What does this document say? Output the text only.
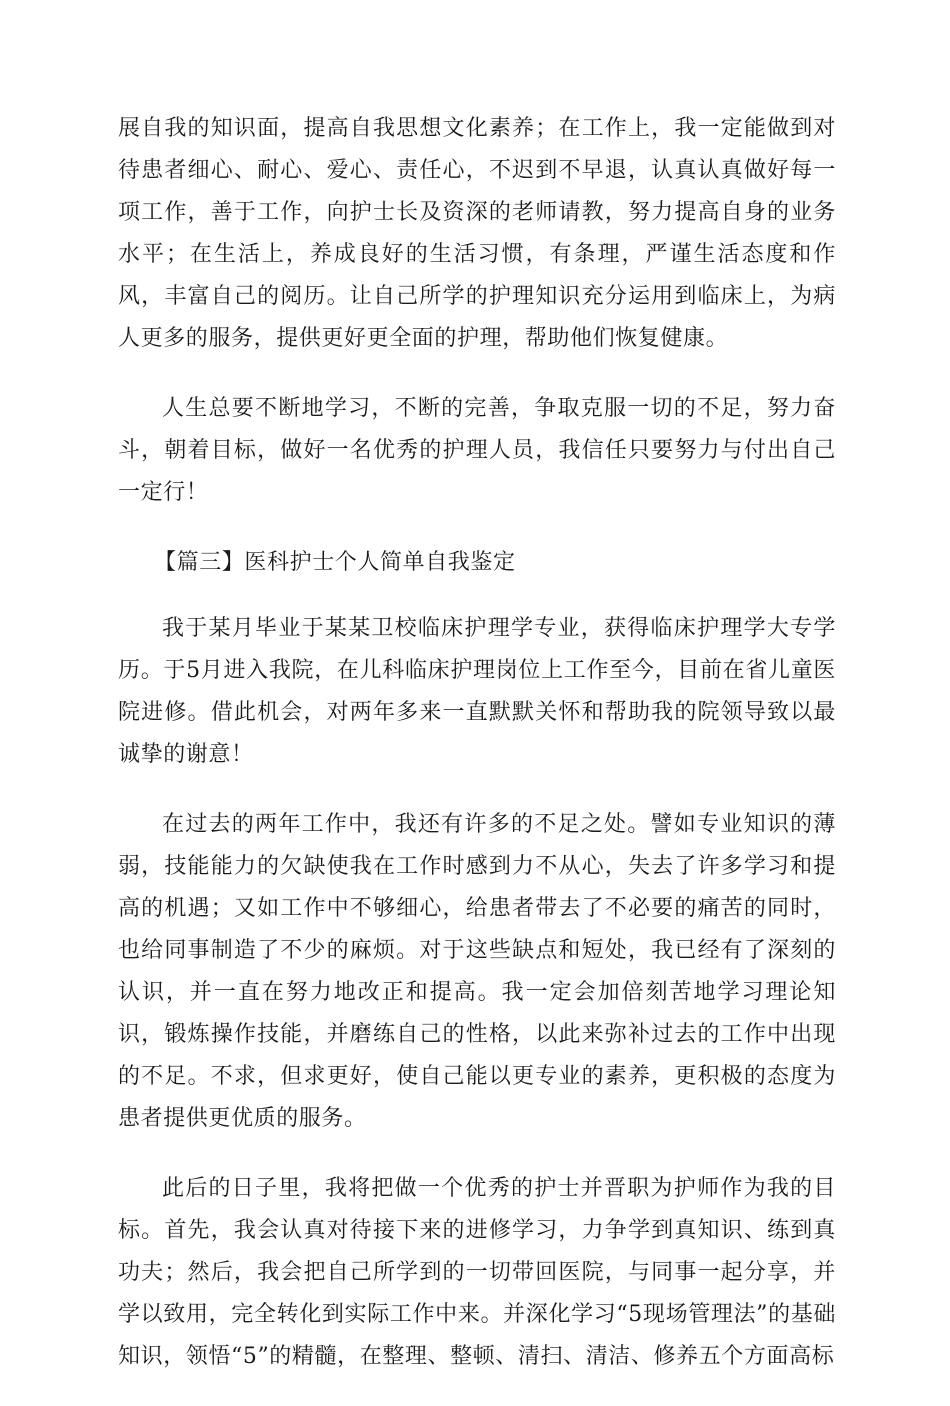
展自我的知识面，提高自我思想文化素养；在工作上，我一定能做到对待患者细心、耐心、爱心、责任心，不迟到不早退，认真认真做好每一项工作，善于工作，向护士长及资深的老师请教，努力提高自身的业务水平；在生活上，养成良好的生活习惯，有条理，严谨生活态度和作风，丰富自己的阅历。让自己所学的护理知识充分运用到临床上，为病人更多的服务，提供更好更全面的护理，帮助他们恢复健康。

人生总要不断地学习，不断的完善，争取克服一切的不足，努力奋斗，朝着目标，做好一名优秀的护理人员，我信任只要努力与付出自己一定行！

【篇三】医科护士个人简单自我鉴定

我于某月毕业于某某卫校临床护理学专业，获得临床护理学大专学历。于5月进入我院，在儿科临床护理岗位上工作至今，目前在省儿童医院进修。借此机会，对两年多来一直默默关怀和帮助我的院领导致以最诚挚的谢意！

在过去的两年工作中，我还有许多的不足之处。譬如专业知识的薄弱，技能能力的欠缺使我在工作时感到力不从心，失去了许多学习和提高的机遇；又如工作中不够细心，给患者带去了不必要的痛苦的同时，也给同事制造了不少的麻烦。对于这些缺点和短处，我已经有了深刻的认识，并一直在努力地改正和提高。我一定会加倍刻苦地学习理论知识，锻炼操作技能，并磨练自己的性格，以此来弥补过去的工作中出现的不足。不求，但求更好，使自己能以更专业的素养，更积极的态度为患者提供更优质的服务。

此后的日子里，我将把做一个优秀的护士并晋职为护师作为我的目标。首先，我会认真对待接下来的进修学习，力争学到真知识、练到真功夫；然后，我会把自己所学到的一切带回医院，与同事一起分享，并学以致用，完全转化到实际工作中来。并深化学习“5现场管理法”的基础知识，领悟“5”的精髓，在整理、整顿、清扫、清洁、修养五个方面高标
